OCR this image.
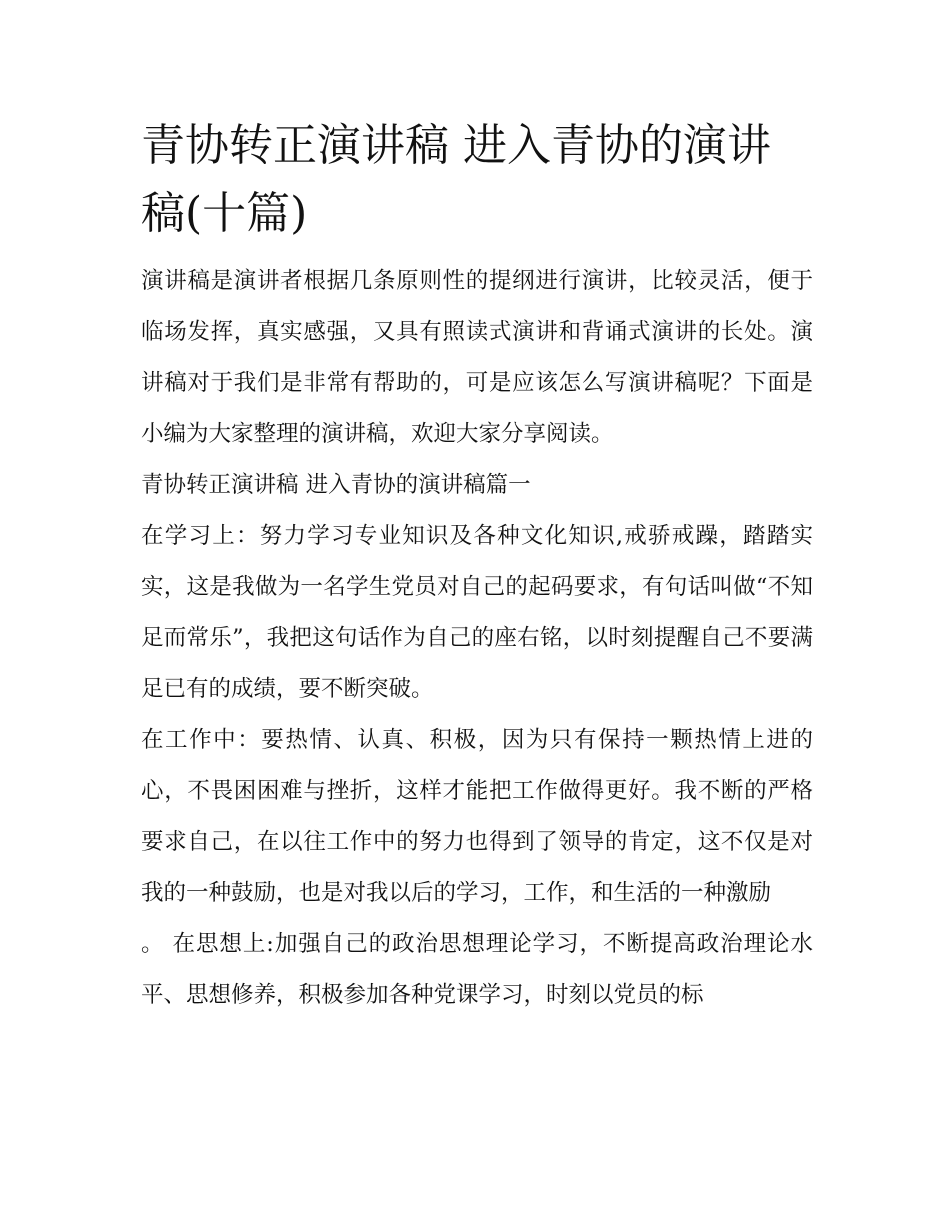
青协转正演讲稿 进入青协的演讲稿(十篇)

演讲稿是演讲者根据几条原则性的提纲进行演讲，比较灵活，便于临场发挥，真实感强，又具有照读式演讲和背诵式演讲的长处。演讲稿对于我们是非常有帮助的，可是应该怎么写演讲稿呢？下面是小编为大家整理的演讲稿，欢迎大家分享阅读。

青协转正演讲稿 进入青协的演讲稿篇一

在学习上：努力学习专业知识及各种文化知识,戒骄戒躁，踏踏实实，这是我做为一名学生党员对自己的起码要求，有句话叫做“不知足而常乐”，我把这句话作为自己的座右铭，以时刻提醒自己不要满足已有的成绩，要不断突破。

在工作中：要热情、认真、积极，因为只有保持一颗热情上进的心，不畏困困难与挫折，这样才能把工作做得更好。我不断的严格要求自己，在以往工作中的努力也得到了领导的肯定，这不仅是对我的一种鼓励，也是对我以后的学习，工作，和生活的一种激励

。 在思想上:加强自己的政治思想理论学习，不断提高政治理论水平、思想修养，积极参加各种党课学习，时刻以党员的标
